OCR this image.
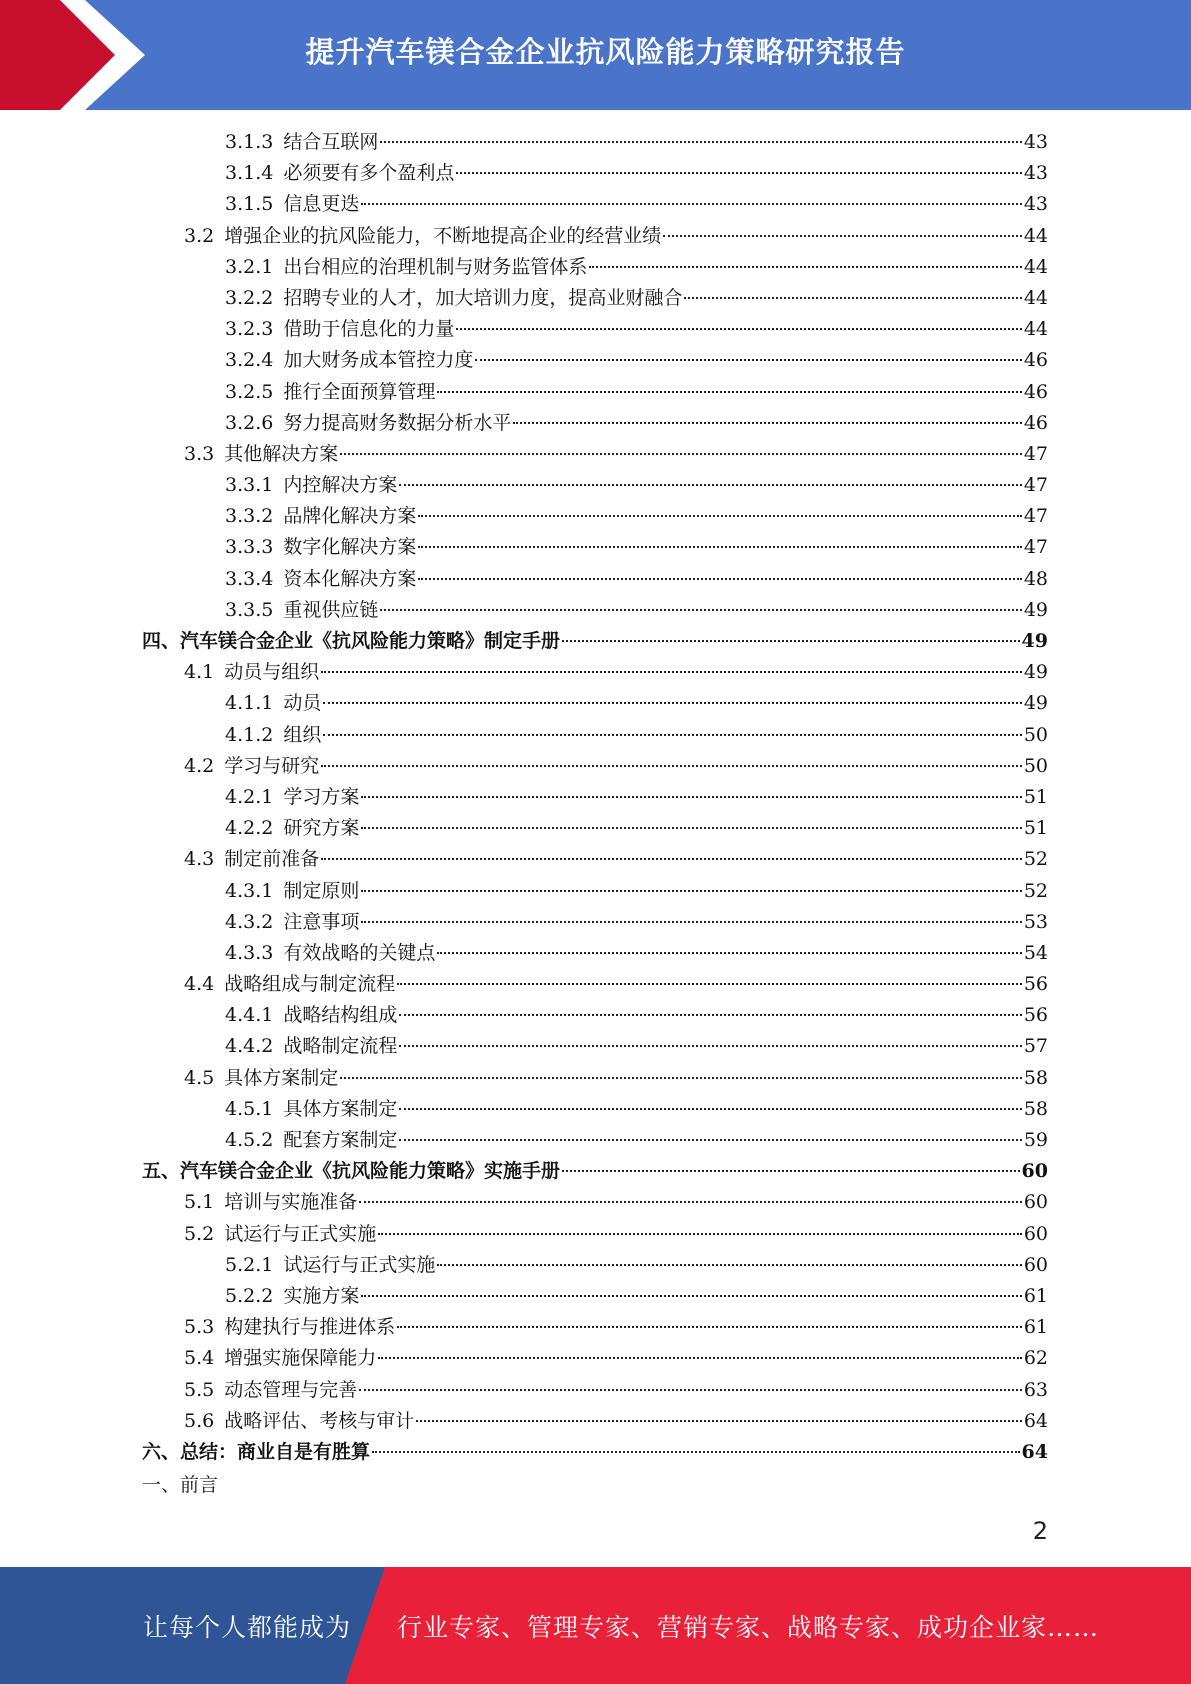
提升汽车镁合金企业抗风险能力策略研究报告
3.1.3 结合互联网	43
3.1.4 必须要有多个盈利点	43
3.1.5 信息更迭	43
3.2 增强企业的抗风险能力，不断地提高企业的经营业绩	44
3.2.1 出台相应的治理机制与财务监管体系	44
3.2.2 招聘专业的人才，加大培训力度，提高业财融合	44
3.2.3 借助于信息化的力量	44
3.2.4 加大财务成本管控力度	46
3.2.5 推行全面预算管理	46
3.2.6 努力提高财务数据分析水平	46
3.3 其他解决方案	47
3.3.1 内控解决方案	47
3.3.2 品牌化解决方案	47
3.3.3 数字化解决方案	47
3.3.4 资本化解决方案	48
3.3.5 重视供应链	49
四、汽车镁合金企业《抗风险能力策略》制定手册	49
4.1 动员与组织	49
4.1.1 动员	49
4.1.2 组织	50
4.2 学习与研究	50
4.2.1 学习方案	51
4.2.2 研究方案	51
4.3 制定前准备	52
4.3.1 制定原则	52
4.3.2 注意事项	53
4.3.3 有效战略的关键点	54
4.4 战略组成与制定流程	56
4.4.1 战略结构组成	56
4.4.2 战略制定流程	57
4.5 具体方案制定	58
4.5.1 具体方案制定	58
4.5.2 配套方案制定	59
五、汽车镁合金企业《抗风险能力策略》实施手册	60
5.1 培训与实施准备	60
5.2 试运行与正式实施	60
5.2.1 试运行与正式实施	60
5.2.2 实施方案	61
5.3 构建执行与推进体系	61
5.4 增强实施保障能力	62
5.5 动态管理与完善	63
5.6 战略评估、考核与审计	64
六、总结：商业自是有胜算	64
一、前言
2
让每个人都能成为 行业专家、管理专家、营销专家、战略专家、成功企业家……
